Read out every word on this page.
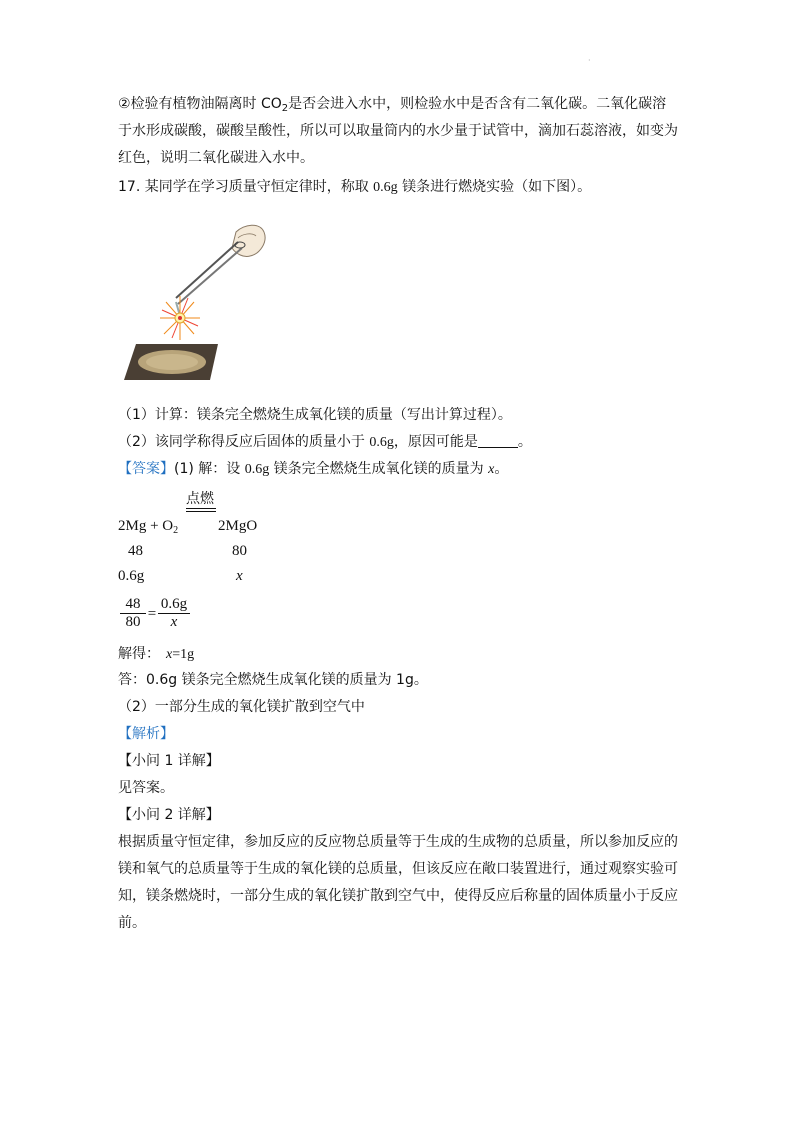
·
②检验有植物油隔离时 $CO_2$是否会进入水中，则检验水中是否含有二氧化碳。二氧化碳溶
于水形成碳酸，碳酸呈酸性，所以可以取量筒内的水少量于试管中，滴加石蕊溶液，如变为
红色，说明二氧化碳进入水中。
17. 某同学在学习质量守恒定律时，称取 0.6g 镁条进行燃烧实验（如下图）。
（1）计算：镁条完全燃烧生成氧化镁的质量（写出计算过程）。
（2）该同学称得反应后固体的质量小于 0.6g，原因可能是	。
【答案】(1) 解：设 0.6g 镁条完全燃烧生成氧化镁的质量为 x。
点燃
$2Mg + O_2$	2MgO
48	80
0.6g	x
$\frac{48}{80} = \frac{0.6g}{x}$
解得： x=1g
答：0.6g 镁条完全燃烧生成氧化镁的质量为 1g。
（2）一部分生成的氧化镁扩散到空气中
【解析】
【小问 1 详解】
见答案。
【小问 2 详解】
根据质量守恒定律，参加反应的反应物总质量等于生成的生成物的总质量，所以参加反应的
镁和氧气的总质量等于生成的氧化镁的总质量，但该反应在敞口装置进行，通过观察实验可
知，镁条燃烧时，一部分生成的氧化镁扩散到空气中，使得反应后称量的固体质量小于反应
前。
